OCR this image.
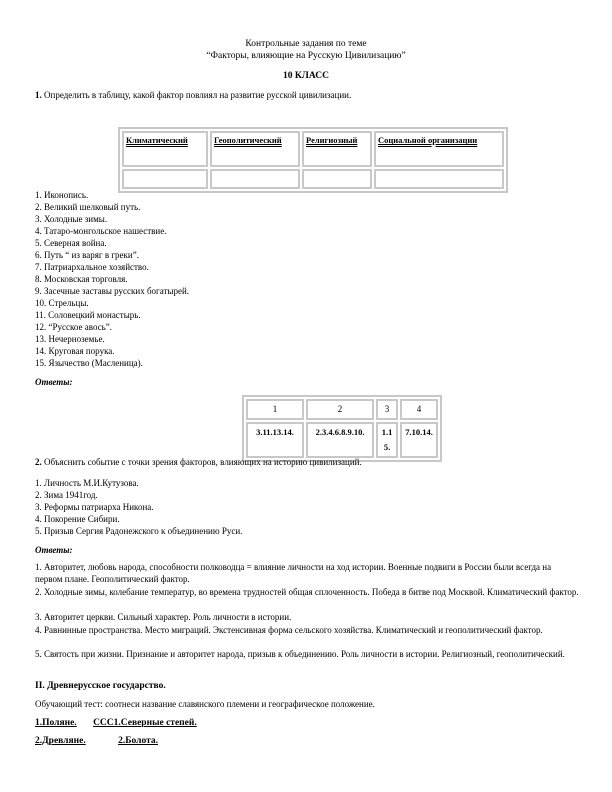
Контрольные задания по теме
“Факторы, влияющие на Русскую Цивилизацию”
10 КЛАСС
1. Определить в таблицу, какой фактор повлиял на развитие русской цивилизации.
Климатический	Геополитический	Религиозный	Социальной организации

1. Иконопись.
2. Великий шелковый путь.
3. Холодные зимы.
4. Татаро-монгольское нашествие.
5. Северная война.
6. Путь “ из варяг в греки”.
7. Патриархальное хозяйство.
8. Московская торговля.
9. Засечные заставы русских богатырей.
10. Стрельцы.
11. Соловецкий монастырь.
12. “Русское авось”.
13. Нечерноземье.
14. Круговая порука.
15. Язычество (Масленица).
Ответы:
1	2	3	4
3.11.13.14.	2.3.4.6.8.9.10.	1.15.	7.10.14.
2. Объяснить событие с точки зрения факторов, влияющих на историю цивилизаций.
1. Личность М.И.Кутузова.
2. Зима 1941год.
3. Реформы патриарха Никона.
4. Покорение Сибири.
5. Призыв Сергия Радонежского к объединению Руси.
Ответы:
1. Авторитет, любовь народа, способности полководца = влияние личности на ход истории. Военные подвиги в России были всегда на первом плане. Геополитический фактор.
2. Холодные зимы, колебание температур, во времена трудностей общая сплоченность. Победа в битве под Москвой. Климатический фактор.
3. Авторитет церкви. Сильный характер. Роль личности в истории.
4. Равнинные пространства. Место миграций. Экстенсивная форма сельского хозяйства. Климатический и геополитический фактор.
5. Святость при жизни. Признание и авторитет народа, призыв к объединению. Роль личности в истории. Религиозный, геополитический.
II. Древнерусское государство.
Обучающий тест: соотнеси название славянского племени и географическое положение.
1.Поляне. ССС1.Северные степей.
2.Древляне.	2.Болота.
